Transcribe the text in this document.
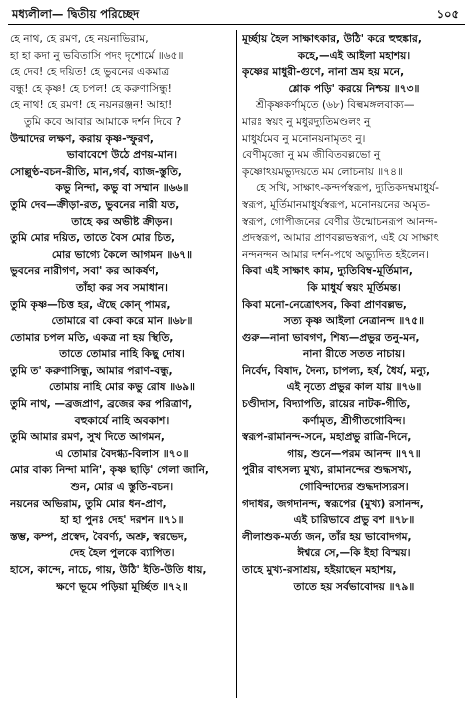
মধ্যলীলা— দ্বিতীয় পরিচ্ছেদ	১০৫
হে নাথ, হে রমণ, হে নয়নাভিরাম,
হা হা কদা নু ভবিতাসি পদং দৃশোর্মে ॥৬৫॥
হে দেব! হে দয়িত! হে ভুবনের একমাত্র
বন্ধু! হে কৃষ্ণ! হে চপল! হে করুণাসিন্ধু!
হে নাথ! হে রমণ! হে নয়নরঞ্জন! আহা!
তুমি কবে আবার আমাকে দর্শন দিবে ?
উন্মাদের লক্ষণ, করায় কৃষ্ণ-স্ফুরণ,
ভাবাবেশে উঠে প্রণয়-মান।
সোল্লুণ্ঠ-বচন-রীতি, মান,গর্ব, ব্যাজ-স্তুতি,
কভু নিন্দা, কভু বা সম্মান ॥৬৬॥
তুমি দেব—ক্রীড়া-রত, ভুবনের নারী যত,
তাহে কর অভীষ্ট ক্রীড়ন।
তুমি মোর দয়িত, তাতে বৈস মোর চিত,
মোর ভাগ্যে কৈলে আগমন ॥৬৭॥
ভুবনের নারীগণ, সবা' কর আকর্ষণ,
তাঁহা কর সব সমাধান।
তুমি কৃষ্ণ—চিত্ত হর, ঐছে কোন্ পামর,
তোমারে বা কেবা করে মান ॥৬৮॥
তোমার চপল মতি, একত্র না হয় স্থিতি,
তাতে তোমার নাহি কিছু দোষ।
তুমি ত' করুণাসিন্ধু, আমার পরাণ-বন্ধু,
তোমায় নাহি মোর কভু রোষ ॥৬৯॥
তুমি নাথ, —ব্রজপ্রাণ, ব্রজের কর পরিত্রাণ,
বহুকার্যে নাহি অবকাশ।
তুমি আমার রমণ, সুখ দিতে আগমন,
এ তোমার বৈদগ্ধ্য-বিলাস ॥৭০॥
মোর বাক্য নিন্দা মানি', কৃষ্ণ ছাড়ি' গেলা জানি,
শুন, মোর এ স্তুতি-বচন।
নয়নের অভিরাম, তুমি মোর ধন-প্রাণ,
হা হা পুনঃ দেহ' দরশন ॥৭১॥
স্তম্ভ, কম্প, প্রস্বেদ, বৈবর্ণ্য, অশ্রু, স্বরভেদ,
দেহ হৈল পুলকে ব্যাপিত।
হাসে, কান্দে, নাচে, গায়, উঠি' ইতি-উতি ধায়,
ক্ষণে ভূমে পড়িয়া মূর্চ্ছিত ॥৭২॥
মূর্চ্ছায় হৈল সাক্ষাৎকার, উঠি' করে হুহুঙ্কার,
কহে,—এই আইলা মহাশয়।
কৃষ্ণের মাধুরী-গুণে, নানা ভ্রম হয় মনে,
শ্লোক পড়ি' করয়ে নিশ্চয় ॥৭৩॥
শ্রীকৃষ্ণকর্ণামৃতে (৬৮) বিল্বমঙ্গলবাক্য—
মারঃ স্বয়ং নু মধুরদ্যুতিমণ্ডলং নু
মাধুর্যমেব নু মনোনয়নামৃতং নু।
বেণীমৃজো নু মম জীবিতবল্লভো নু
কৃষ্ণোঽয়মভ্যুদয়তে মম লোচনায় ॥৭৪॥
হে সখি, সাক্ষাৎ-কন্দর্পস্বরূপ, দ্যুতিকদম্বমাধুর্য-
স্বরূপ, মূর্তিমানমাধুর্যস্বরূপ, মনোনয়নের অমৃত-
স্বরূপ, গোপীজনের বেণীর উন্মোচনরূপ আনন্দ-
প্রদস্বরূপ, আমার প্রাণবল্লভস্বরূপ, এই যে সাক্ষাৎ
নন্দনন্দন আমার দর্শন-পথে অভ্যুদিত হইলেন।
কিবা এই সাক্ষাৎ কাম, দ্যুতিবিম্ব-মূর্তিমান,
কি মাধুর্য স্বয়ং মূর্তিমন্ত।
কিবা মনো-নেত্রোৎসব, কিবা প্রাণবল্লভ,
সত্য কৃষ্ণ আইলা নেত্রানন্দ ॥৭৫॥
গুরু—নানা ভাবগণ, শিষ্য—প্রভুর তনু-মন,
নানা রীতে সতত নাচায়।
নির্বেদ, বিষাদ, দৈন্য, চাপল্য, হর্ষ, ধৈর্য, মন্যু,
এই নৃত্যে প্রভুর কাল যায় ॥৭৬॥
চণ্ডীদাস, বিদ্যাপতি, রায়ের নাটক-গীতি,
কর্ণামৃত, শ্রীগীতগোবিন্দ।
স্বরূপ-রামানন্দ-সনে, মহাপ্রভু রাত্রি-দিনে,
গায়, শুনে—পরম আনন্দ ॥৭৭॥
পুরীর বাৎসল্য মুখ্য, রামানন্দের শুদ্ধসখ্য,
গোবিন্দাদ্যের শুদ্ধদাস্যরস।
গদাধর, জগদানন্দ, স্বরূপের (মুখ্য) রসানন্দ,
এই চারিভাবে প্রভু বশ ॥৭৮॥
লীলাশুক-মর্ত্য জন, তাঁর হয় ভাবোদগম,
ঈশ্বরে সে,—কি ইহা বিস্ময়।
তাহে মুখ্য-রসাশ্রয়, হইয়াছেন মহাশয়,
তাতে হয় সর্বভাবোদয় ॥৭৯॥
